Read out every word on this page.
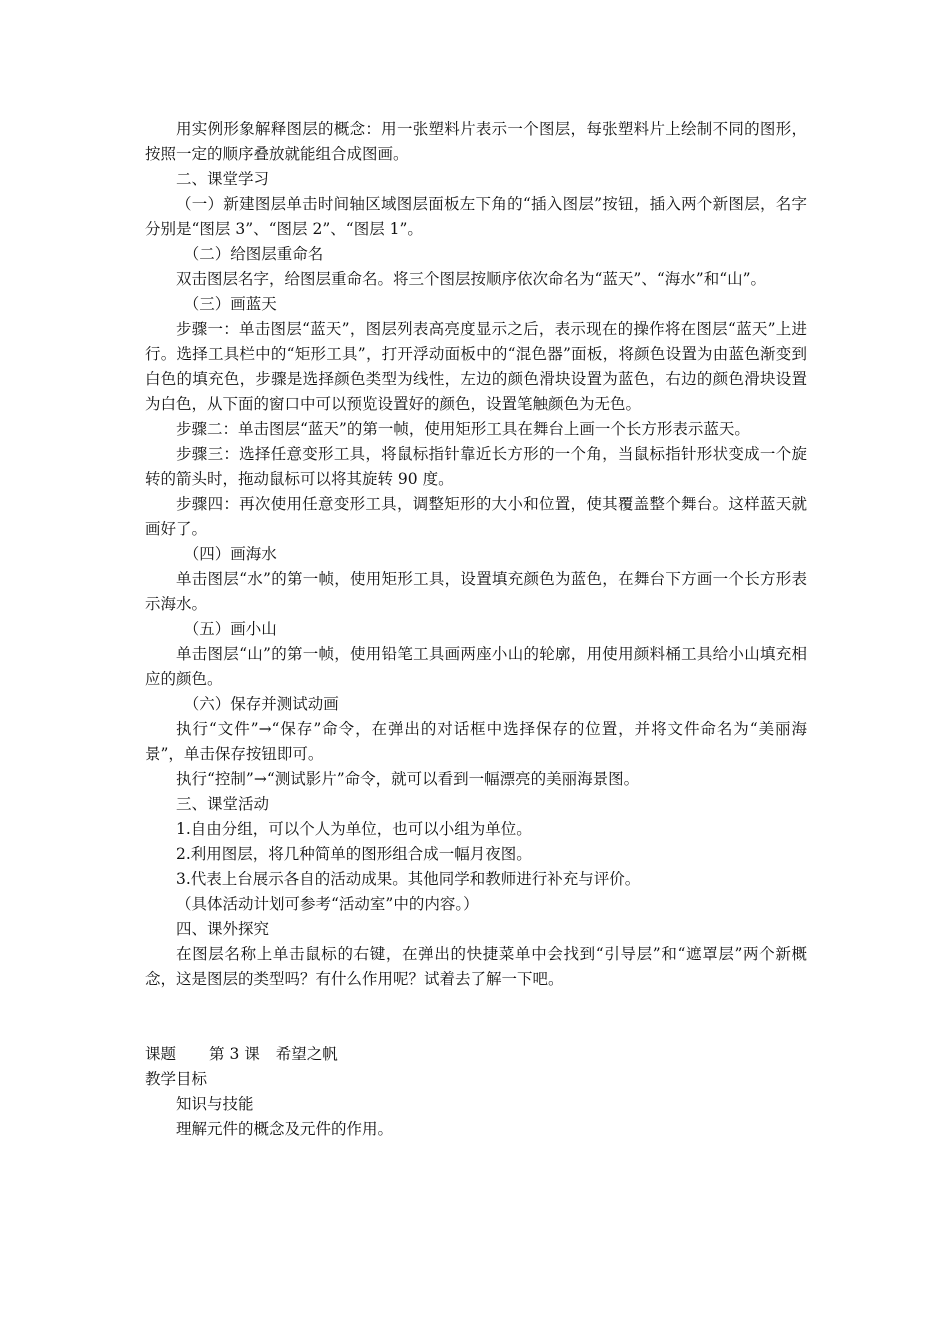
用实例形象解释图层的概念：用一张塑料片表示一个图层，每张塑料片上绘制不同的图形，按照一定的顺序叠放就能组合成图画。

二、课堂学习

（一）新建图层单击时间轴区域图层面板左下角的“插入图层”按钮，插入两个新图层，名字分别是“图层 3”、“图层 2”、“图层 1”。

（二）给图层重命名

双击图层名字，给图层重命名。将三个图层按顺序依次命名为“蓝天”、“海水”和“山”。

（三）画蓝天

步骤一：单击图层“蓝天”，图层列表高亮度显示之后，表示现在的操作将在图层“蓝天”上进行。选择工具栏中的“矩形工具”，打开浮动面板中的“混色器”面板，将颜色设置为由蓝色渐变到白色的填充色，步骤是选择颜色类型为线性，左边的颜色滑块设置为蓝色，右边的颜色滑块设置为白色，从下面的窗口中可以预览设置好的颜色，设置笔触颜色为无色。

步骤二：单击图层“蓝天”的第一帧，使用矩形工具在舞台上画一个长方形表示蓝天。

步骤三：选择任意变形工具，将鼠标指针靠近长方形的一个角，当鼠标指针形状变成一个旋转的箭头时，拖动鼠标可以将其旋转 90 度。

步骤四：再次使用任意变形工具，调整矩形的大小和位置，使其覆盖整个舞台。这样蓝天就画好了。

（四）画海水

单击图层“水”的第一帧，使用矩形工具，设置填充颜色为蓝色，在舞台下方画一个长方形表示海水。

（五）画小山

单击图层“山”的第一帧，使用铅笔工具画两座小山的轮廓，用使用颜料桶工具给小山填充相应的颜色。

（六）保存并测试动画

执行“文件”→“保存”命令，在弹出的对话框中选择保存的位置，并将文件命名为“美丽海景”，单击保存按钮即可。

执行“控制”→“测试影片”命令，就可以看到一幅漂亮的美丽海景图。

三、课堂活动

1.自由分组，可以个人为单位，也可以小组为单位。

2.利用图层，将几种简单的图形组合成一幅月夜图。

3.代表上台展示各自的活动成果。其他同学和教师进行补充与评价。

（具体活动计划可参考“活动室”中的内容。）

四、课外探究

在图层名称上单击鼠标的右键，在弹出的快捷菜单中会找到“引导层”和“遮罩层”两个新概念，这是图层的类型吗？有什么作用呢？试着去了解一下吧。

课题 第 3 课 希望之帆

教学目标

知识与技能

理解元件的概念及元件的作用。
